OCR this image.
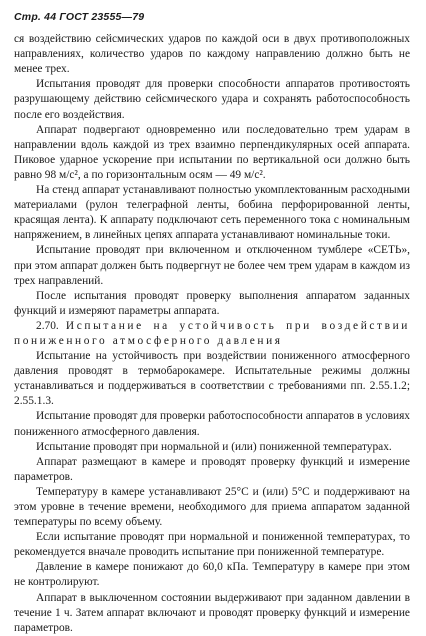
Стр. 44 ГОСТ 23555—79

ся воздействию сейсмических ударов по каждой оси в двух противоположных направлениях, количество ударов по каждому направлению должно быть не менее трех.

Испытания проводят для проверки способности аппаратов противостоять разрушающему действию сейсмического удара и сохранять работоспособность после его воздействия.

Аппарат подвергают одновременно или последовательно трем ударам в направлении вдоль каждой из трех взаимно перпендикулярных осей аппарата. Пиковое ударное ускорение при испытании по вертикальной оси должно быть равно 98 м/с², а по горизонтальным осям — 49 м/с².

На стенд аппарат устанавливают полностью укомплектованным расходными материалами (рулон телеграфной ленты, бобина перфорированной ленты, красящая лента). К аппарату подключают сеть переменного тока с номинальным напряжением, в линейных цепях аппарата устанавливают номинальные токи.

Испытание проводят при включенном и отключенном тумблере «СЕТЬ», при этом аппарат должен быть подвергнут не более чем трем ударам в каждом из трех направлений.

После испытания проводят проверку выполнения аппаратом заданных функций и измеряют параметры аппарата.

2.70. Испытание на устойчивость при воздействии пониженного атмосферного давления

Испытание на устойчивость при воздействии пониженного атмосферного давления проводят в термобарокамере. Испытательные режимы должны устанавливаться и поддерживаться в соответствии с требованиями пп. 2.55.1.2; 2.55.1.3.

Испытание проводят для проверки работоспособности аппаратов в условиях пониженного атмосферного давления.

Испытание проводят при нормальной и (или) пониженной температурах.

Аппарат размещают в камере и проводят проверку функций и измерение параметров.

Температуру в камере устанавливают 25°С и (или) 5°С и поддерживают на этом уровне в течение времени, необходимого для приема аппаратом заданной температуры по всему объему.

Если испытание проводят при нормальной и пониженной температурах, то рекомендуется вначале проводить испытание при пониженной температуре.

Давление в камере понижают до 60,0 кПа. Температуру в камере при этом не контролируют.

Аппарат в выключенном состоянии выдерживают при заданном давлении в течение 1 ч. Затем аппарат включают и проводят проверку функций и измерение параметров.
